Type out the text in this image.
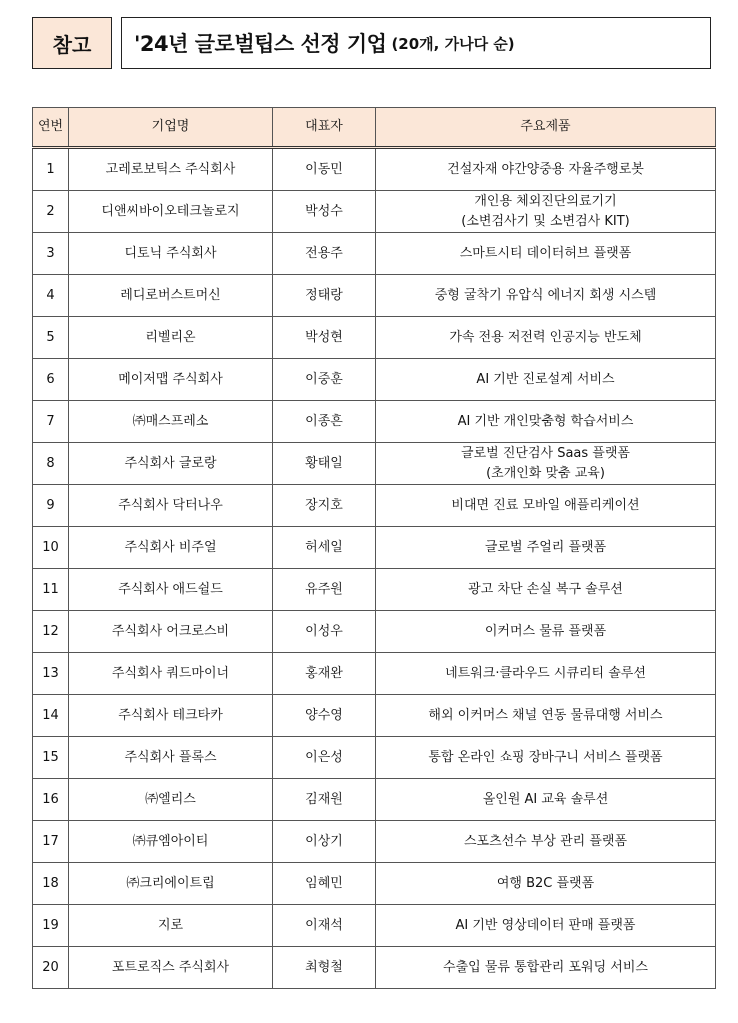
참고	'24년 글로벌팁스 선정 기업 (20개, 가나다 순)
연번	기업명	대표자	주요제품
1	고레로보틱스 주식회사	이동민	건설자재 야간양중용 자율주행로봇

2	디앤씨바이오테크놀로지	박성수	개인용 체외진단의료기기
(소변검사기 및 소변검사 KIT)

3	디토닉 주식회사	전용주	스마트시티 데이터허브 플랫폼

4	레디로버스트머신	정태랑	중형 굴착기 유압식 에너지 회생 시스템

5	리벨리온	박성현	가속 전용 저전력 인공지능 반도체

6	메이저맵 주식회사	이중훈	AI 기반 진로설계 서비스

7	㈜매스프레소	이종흔	AI 기반 개인맞춤형 학습서비스

8	주식회사 글로랑	황태일	글로벌 진단검사 Saas 플랫폼
(초개인화 맞춤 교육)

9	주식회사 닥터나우	장지호	비대면 진료 모바일 애플리케이션

10	주식회사 비주얼	허세일	글로벌 주얼리 플랫폼

11	주식회사 애드쉴드	유주원	광고 차단 손실 복구 솔루션

12	주식회사 어크로스비	이성우	이커머스 물류 플랫폼

13	주식회사 쿼드마이너	홍재완	네트워크·클라우드 시큐리티 솔루션

14	주식회사 테크타카	양수영	해외 이커머스 채널 연동 물류대행 서비스

15	주식회사 플록스	이은성	통합 온라인 쇼핑 장바구니 서비스 플랫폼

16	㈜엘리스	김재원	올인원 AI 교육 솔루션

17	㈜큐엠아이티	이상기	스포츠선수 부상 관리 플랫폼

18	㈜크리에이트립	임혜민	여행 B2C 플랫폼

19	지로	이재석	AI 기반 영상데이터 판매 플랫폼

20	포트로직스 주식회사	최형철	수출입 물류 통합관리 포워딩 서비스
